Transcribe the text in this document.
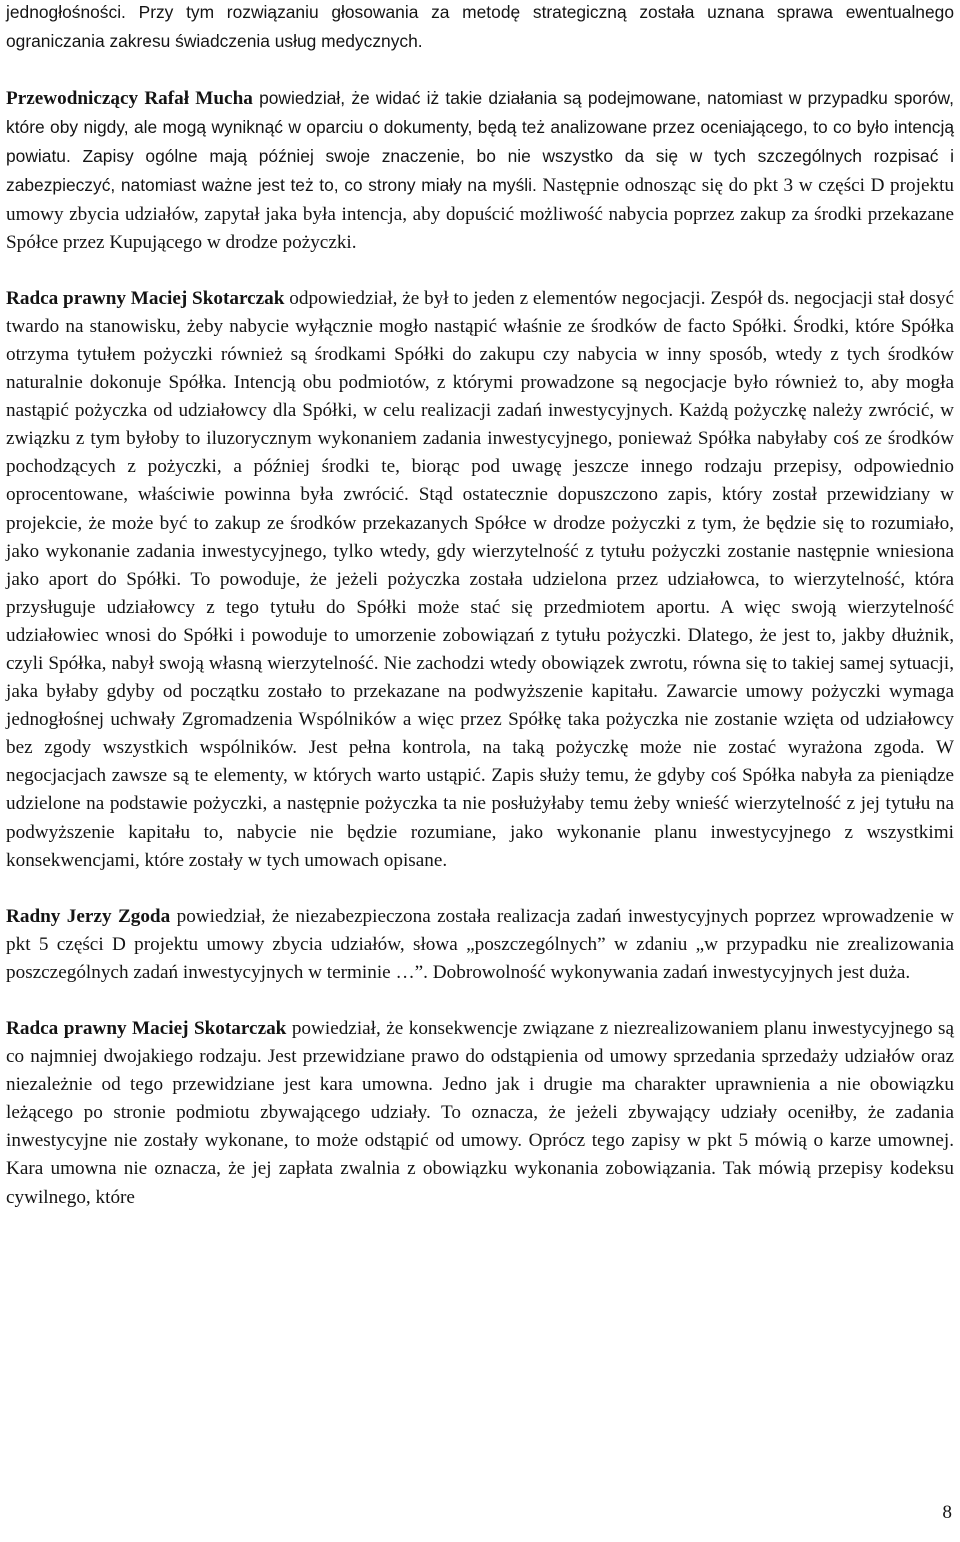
jednogłośności. Przy tym rozwiązaniu głosowania za metodę strategiczną została uznana sprawa ewentualnego ograniczania zakresu świadczenia usług medycznych.

Przewodniczący Rafał Mucha powiedział, że widać iż takie działania są podejmowane, natomiast w przypadku sporów, które oby nigdy, ale mogą wyniknąć w oparciu o dokumenty, będą też analizowane przez oceniającego, to co było intencją powiatu. Zapisy ogólne mają później swoje znaczenie, bo nie wszystko da się w tych szczególnych rozpisać i zabezpieczyć, natomiast ważne jest też to, co strony miały na myśli. Następnie odnosząc się do pkt 3 w części D projektu umowy zbycia udziałów, zapytał jaka była intencja, aby dopuścić możliwość nabycia poprzez zakup za środki przekazane Spółce przez Kupującego w drodze pożyczki.

Radca prawny Maciej Skotarczak odpowiedział, że był to jeden z elementów negocjacji. Zespół ds. negocjacji stał dosyć twardo na stanowisku, żeby nabycie wyłącznie mogło nastąpić właśnie ze środków de facto Spółki. Środki, które Spółka otrzyma tytułem pożyczki również są środkami Spółki do zakupu czy nabycia w inny sposób, wtedy z tych środków naturalnie dokonuje Spółka. Intencją obu podmiotów, z którymi prowadzone są negocjacje było również to, aby mogła nastąpić pożyczka od udziałowcy dla Spółki, w celu realizacji zadań inwestycyjnych. Każdą pożyczkę należy zwrócić, w związku z tym byłoby to iluzorycznym wykonaniem zadania inwestycyjnego, ponieważ Spółka nabyłaby coś ze środków pochodzących z pożyczki, a później środki te, biorąc pod uwagę jeszcze innego rodzaju przepisy, odpowiednio oprocentowane, właściwie powinna była zwrócić. Stąd ostatecznie dopuszczono zapis, który został przewidziany w projekcie, że może być to zakup ze środków przekazanych Spółce w drodze pożyczki z tym, że będzie się to rozumiało, jako wykonanie zadania inwestycyjnego, tylko wtedy, gdy wierzytelność z tytułu pożyczki zostanie następnie wniesiona jako aport do Spółki. To powoduje, że jeżeli pożyczka została udzielona przez udziałowca, to wierzytelność, która przysługuje udziałowcy z tego tytułu do Spółki może stać się przedmiotem aportu. A więc swoją wierzytelność udziałowiec wnosi do Spółki i powoduje to umorzenie zobowiązań z tytułu pożyczki. Dlatego, że jest to, jakby dłużnik, czyli Spółka, nabył swoją własną wierzytelność. Nie zachodzi wtedy obowiązek zwrotu, równa się to takiej samej sytuacji, jaka byłaby gdyby od początku zostało to przekazane na podwyższenie kapitału. Zawarcie umowy pożyczki wymaga jednogłośnej uchwały Zgromadzenia Wspólników a więc przez Spółkę taka pożyczka nie zostanie wzięta od udziałowcy bez zgody wszystkich wspólników. Jest pełna kontrola, na taką pożyczkę może nie zostać wyrażona zgoda. W negocjacjach zawsze są te elementy, w których warto ustąpić. Zapis służy temu, że gdyby coś Spółka nabyła za pieniądze udzielone na podstawie pożyczki, a następnie pożyczka ta nie posłużyłaby temu żeby wnieść wierzytelność z jej tytułu na podwyższenie kapitału to, nabycie nie będzie rozumiane, jako wykonanie planu inwestycyjnego z wszystkimi konsekwencjami, które zostały w tych umowach opisane.

Radny Jerzy Zgoda powiedział, że niezabezpieczona została realizacja zadań inwestycyjnych poprzez wprowadzenie w pkt 5 części D projektu umowy zbycia udziałów, słowa „poszczególnych” w zdaniu „w przypadku nie zrealizowania poszczególnych zadań inwestycyjnych w terminie …”. Dobrowolność wykonywania zadań inwestycyjnych jest duża.

Radca prawny Maciej Skotarczak powiedział, że konsekwencje związane z niezrealizowaniem planu inwestycyjnego są co najmniej dwojakiego rodzaju. Jest przewidziane prawo do odstąpienia od umowy sprzedania sprzedaży udziałów oraz niezależnie od tego przewidziane jest kara umowna. Jedno jak i drugie ma charakter uprawnienia a nie obowiązku leżącego po stronie podmiotu zbywającego udziały. To oznacza, że jeżeli zbywający udziały oceniłby, że zadania inwestycyjne nie zostały wykonane, to może odstąpić od umowy. Oprócz tego zapisy w pkt 5 mówią o karze umownej. Kara umowna nie oznacza, że jej zapłata zwalnia z obowiązku wykonania zobowiązania. Tak mówią przepisy kodeksu cywilnego, które

8
